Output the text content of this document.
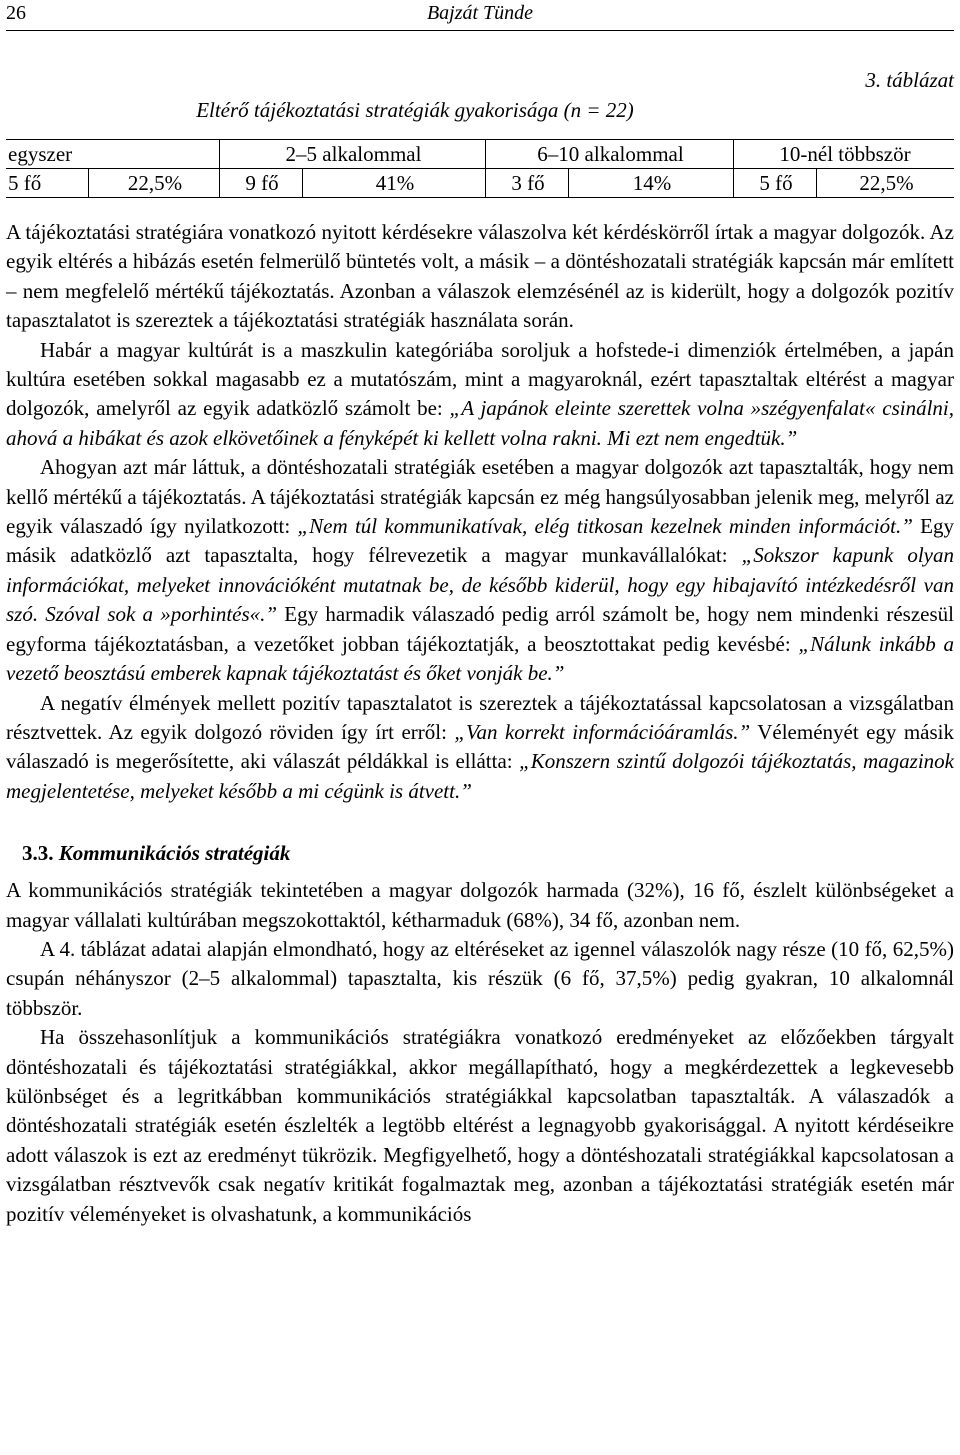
26	Bajzát Tünde
3. táblázat
Eltérő tájékoztatási stratégiák gyakorisága (n = 22)
egyszer		2–5 alkalommal		6–10 alkalommal		10-nél többször	
5 fő	22,5%	9 fő	41%	3 fő	14%	5 fő	22,5%

A tájékoztatási stratégiára vonatkozó nyitott kérdésekre válaszolva két kérdéskörről írtak a magyar dolgozók. Az egyik eltérés a hibázás esetén felmerülő büntetés volt, a másik – a döntéshozatali stratégiák kapcsán már említett – nem megfelelő mértékű tájékoztatás. Azonban a válaszok elemzésénél az is kiderült, hogy a dolgozók pozitív tapasztalatot is szereztek a tájékoztatási stratégiák használata során.

Habár a magyar kultúrát is a maszkulin kategóriába soroljuk a hofstede-i dimenziók értelmében, a japán kultúra esetében sokkal magasabb ez a mutatószám, mint a magyaroknál, ezért tapasztaltak eltérést a magyar dolgozók, amelyről az egyik adatközlő számolt be: „A japánok eleinte szerettek volna »szégyenfalat« csinálni, ahová a hibákat és azok elkövetőinek a fényképét ki kellett volna rakni. Mi ezt nem engedtük.”

Ahogyan azt már láttuk, a döntéshozatali stratégiák esetében a magyar dolgozók azt tapasztalták, hogy nem kellő mértékű a tájékoztatás. A tájékoztatási stratégiák kapcsán ez még hangsúlyosabban jelenik meg, melyről az egyik válaszadó így nyilatkozott: „Nem túl kommunikatívak, elég titkosan kezelnek minden információt.” Egy másik adatközlő azt tapasztalta, hogy félrevezetik a magyar munkavállalókat: „Sokszor kapunk olyan információkat, melyeket innovációként mutatnak be, de később kiderül, hogy egy hibajavító intézkedésről van szó. Szóval sok a »porhintés«.” Egy harmadik válaszadó pedig arról számolt be, hogy nem mindenki részesül egyforma tájékoztatásban, a vezetőket jobban tájékoztatják, a beosztottakat pedig kevésbé: „Nálunk inkább a vezető beosztású emberek kapnak tájékoztatást és őket vonják be.”

A negatív élmények mellett pozitív tapasztalatot is szereztek a tájékoztatással kapcsolatosan a vizsgálatban résztvettek. Az egyik dolgozó röviden így írt erről: „Van korrekt információáramlás.” Véleményét egy másik válaszadó is megerősítette, aki válaszát példákkal is ellátta: „Konszern szintű dolgozói tájékoztatás, magazinok megjelentetése, melyeket később a mi cégünk is átvett.”

3.3. Kommunikációs stratégiák

A kommunikációs stratégiák tekintetében a magyar dolgozók harmada (32%), 16 fő, észlelt különbségeket a magyar vállalati kultúrában megszokottaktól, kétharmaduk (68%), 34 fő, azonban nem.

A 4. táblázat adatai alapján elmondható, hogy az eltéréseket az igennel válaszolók nagy része (10 fő, 62,5%) csupán néhányszor (2–5 alkalommal) tapasztalta, kis részük (6 fő, 37,5%) pedig gyakran, 10 alkalomnál többször.

Ha összehasonlítjuk a kommunikációs stratégiákra vonatkozó eredményeket az előzőekben tárgyalt döntéshozatali és tájékoztatási stratégiákkal, akkor megállapítható, hogy a megkérdezettek a legkevesebb különbséget és a legritkábban kommunikációs stratégiákkal kapcsolatban tapasztalták. A válaszadók a döntéshozatali stratégiák esetén észlelték a legtöbb eltérést a legnagyobb gyakorisággal. A nyitott kérdéseikre adott válaszok is ezt az eredményt tükrözik. Megfigyelhető, hogy a döntéshozatali stratégiákkal kapcsolatosan a vizsgálatban résztvevők csak negatív kritikát fogalmaztak meg, azonban a tájékoztatási stratégiák esetén már pozitív véleményeket is olvashatunk, a kommunikációs
